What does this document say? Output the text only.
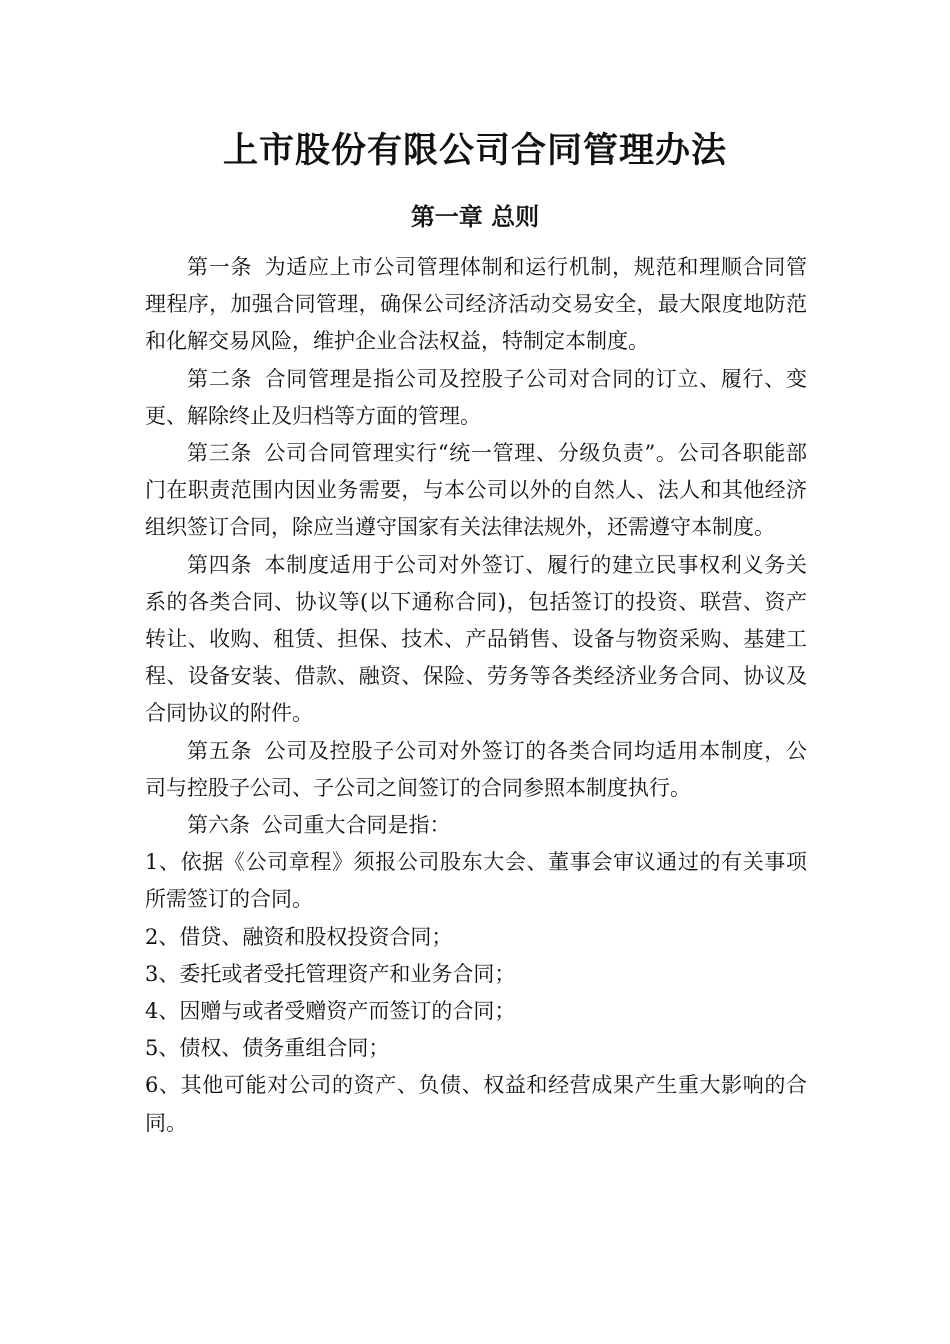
上市股份有限公司合同管理办法
第一章 总则

第一条 为适应上市公司管理体制和运行机制，规范和理顺合同管理程序，加强合同管理，确保公司经济活动交易安全，最大限度地防范和化解交易风险，维护企业合法权益，特制定本制度。

第二条 合同管理是指公司及控股子公司对合同的订立、履行、变更、解除终止及归档等方面的管理。

第三条 公司合同管理实行“统一管理、分级负责”。公司各职能部门在职责范围内因业务需要，与本公司以外的自然人、法人和其他经济组织签订合同，除应当遵守国家有关法律法规外，还需遵守本制度。

第四条 本制度适用于公司对外签订、履行的建立民事权利义务关系的各类合同、协议等(以下通称合同)，包括签订的投资、联营、资产转让、收购、租赁、担保、技术、产品销售、设备与物资采购、基建工程、设备安装、借款、融资、保险、劳务等各类经济业务合同、协议及合同协议的附件。

第五条 公司及控股子公司对外签订的各类合同均适用本制度，公司与控股子公司、子公司之间签订的合同参照本制度执行。

第六条 公司重大合同是指：

1、依据《公司章程》须报公司股东大会、董事会审议通过的有关事项所需签订的合同。

2、借贷、融资和股权投资合同；

3、委托或者受托管理资产和业务合同；

4、因赠与或者受赠资产而签订的合同；

5、债权、债务重组合同；

6、其他可能对公司的资产、负债、权益和经营成果产生重大影响的合同。
